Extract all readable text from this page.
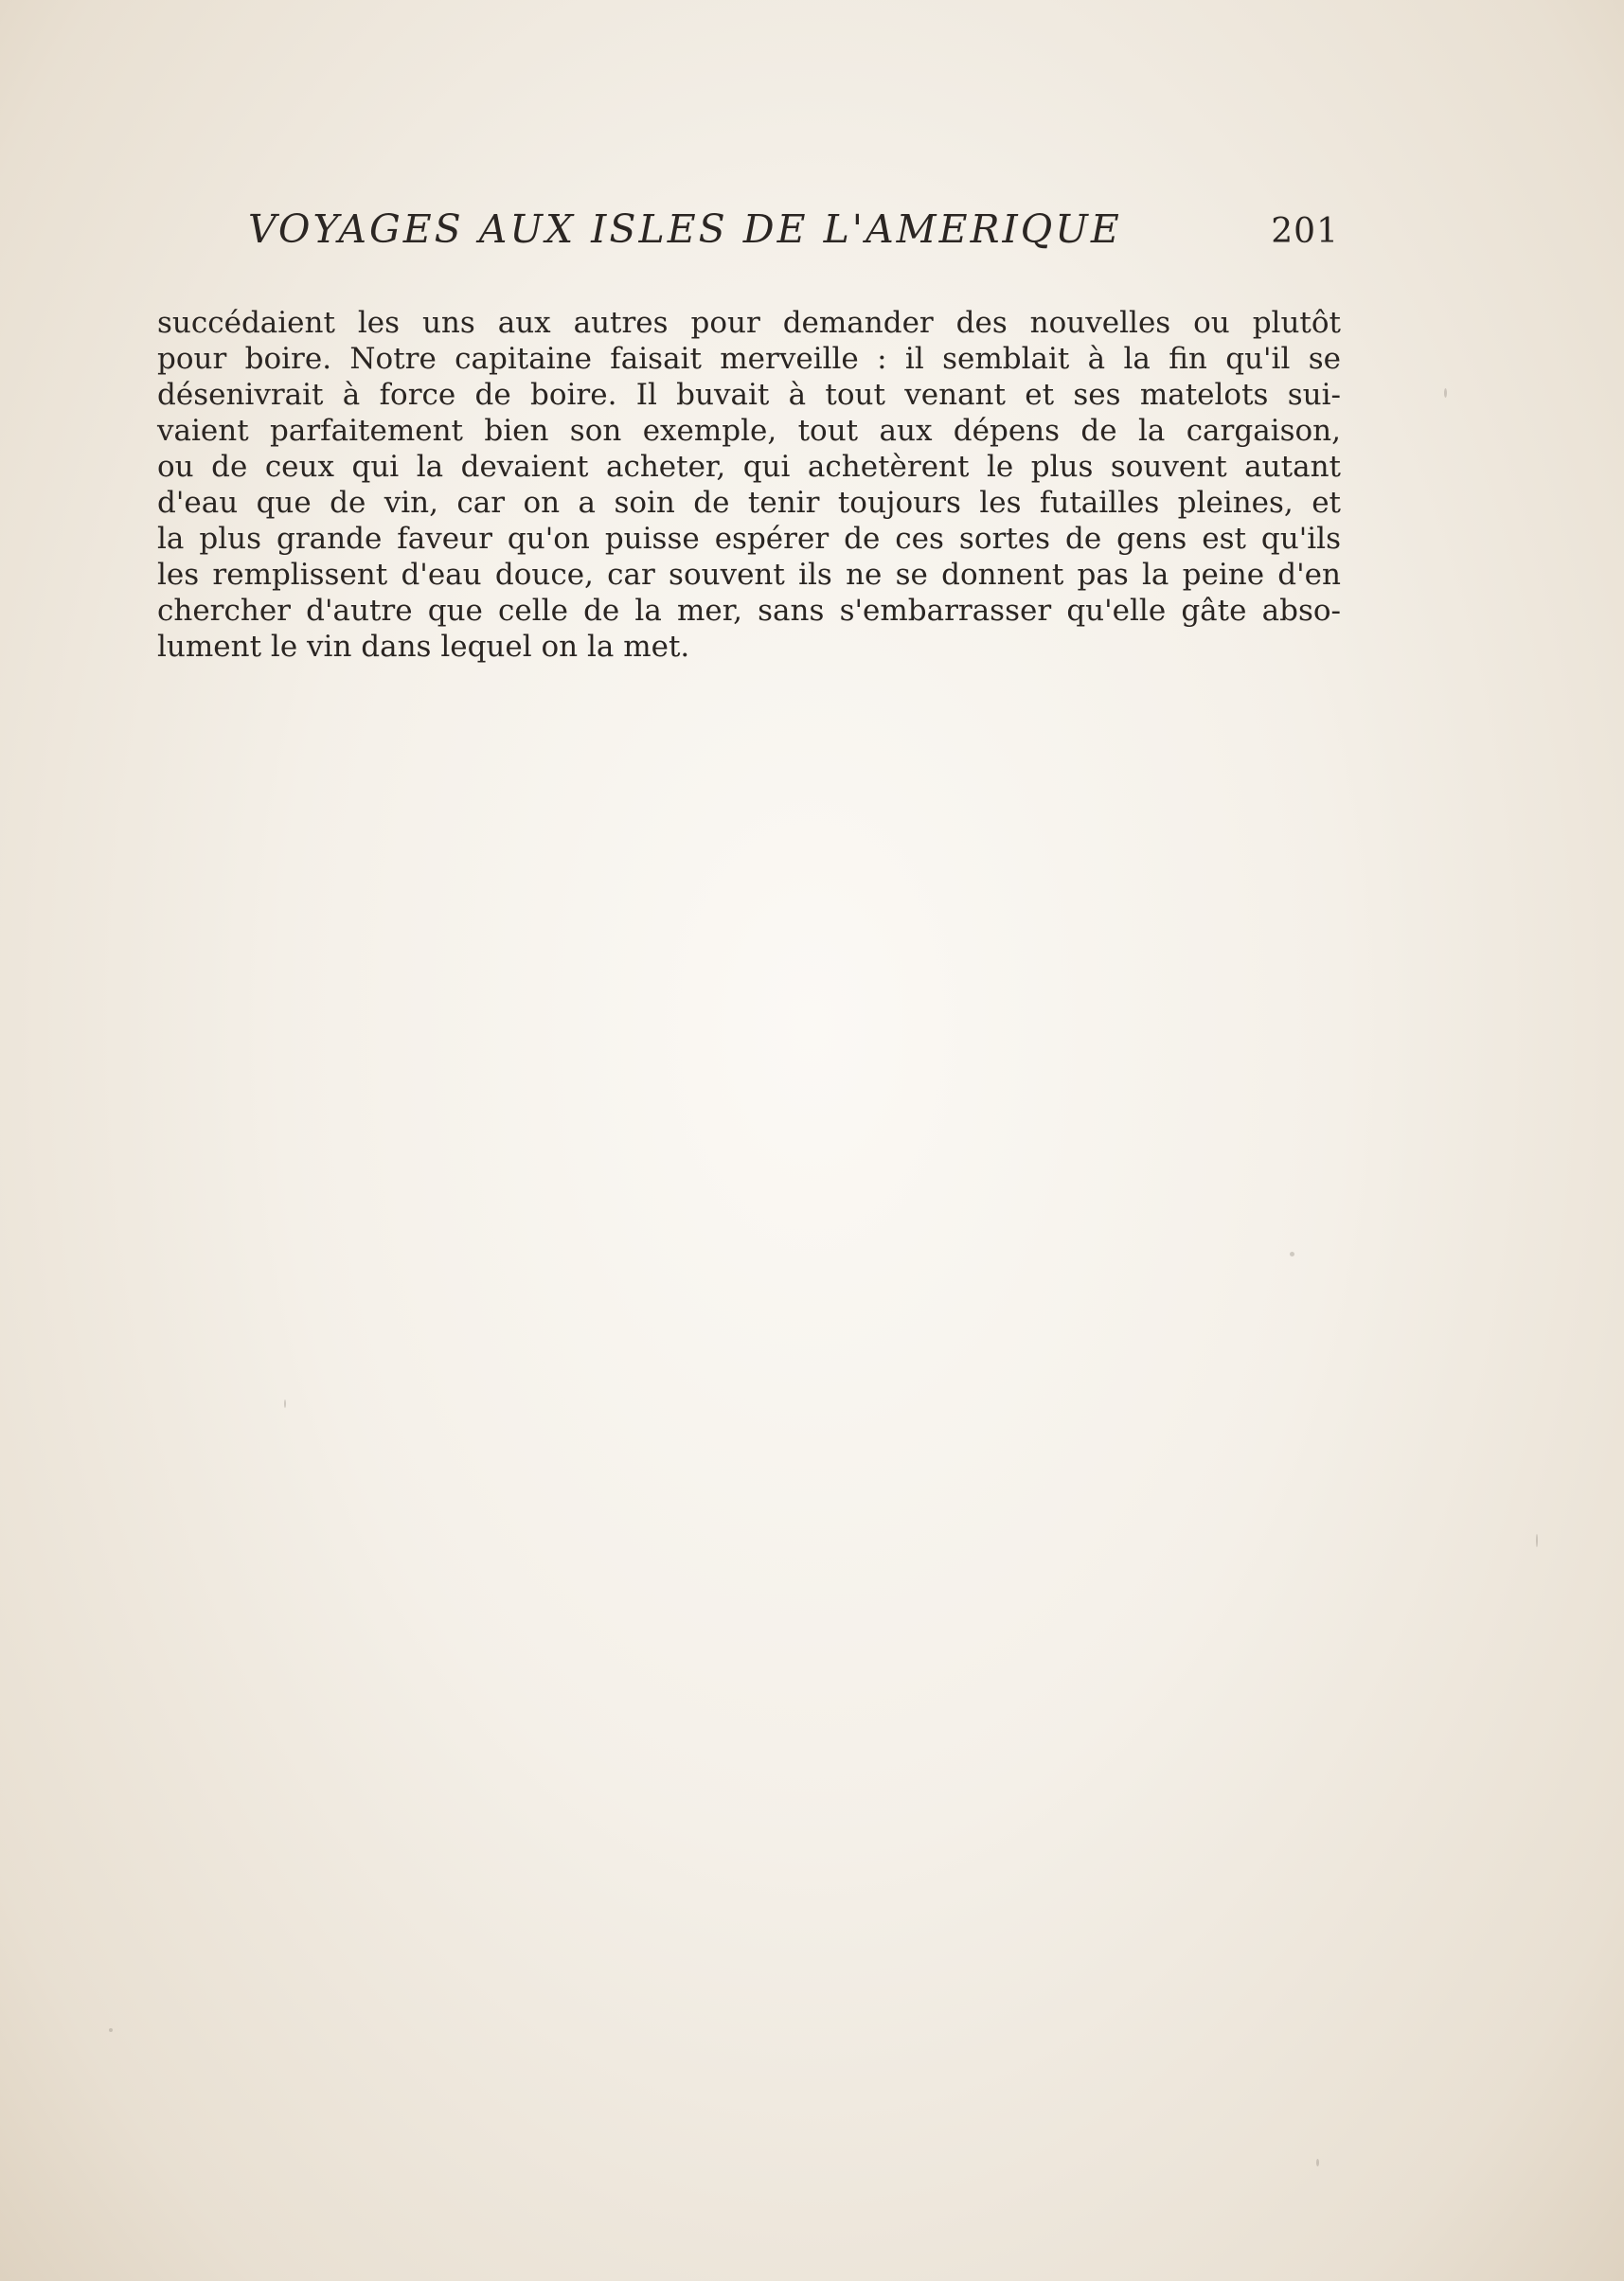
VOYAGES AUX ISLES DE L'AMERIQUE	201
succédaient les uns aux autres pour demander des nouvelles ou plutôt
pour boire. Notre capitaine faisait merveille : il semblait à la fin qu'il se
désenivrait à force de boire. Il buvait à tout venant et ses matelots sui-
vaient parfaitement bien son exemple, tout aux dépens de la cargaison,
ou de ceux qui la devaient acheter, qui achetèrent le plus souvent autant
d'eau que de vin, car on a soin de tenir toujours les futailles pleines, et
la plus grande faveur qu'on puisse espérer de ces sortes de gens est qu'ils
les remplissent d'eau douce, car souvent ils ne se donnent pas la peine d'en
chercher d'autre que celle de la mer, sans s'embarrasser qu'elle gâte abso-
lument le vin dans lequel on la met.
